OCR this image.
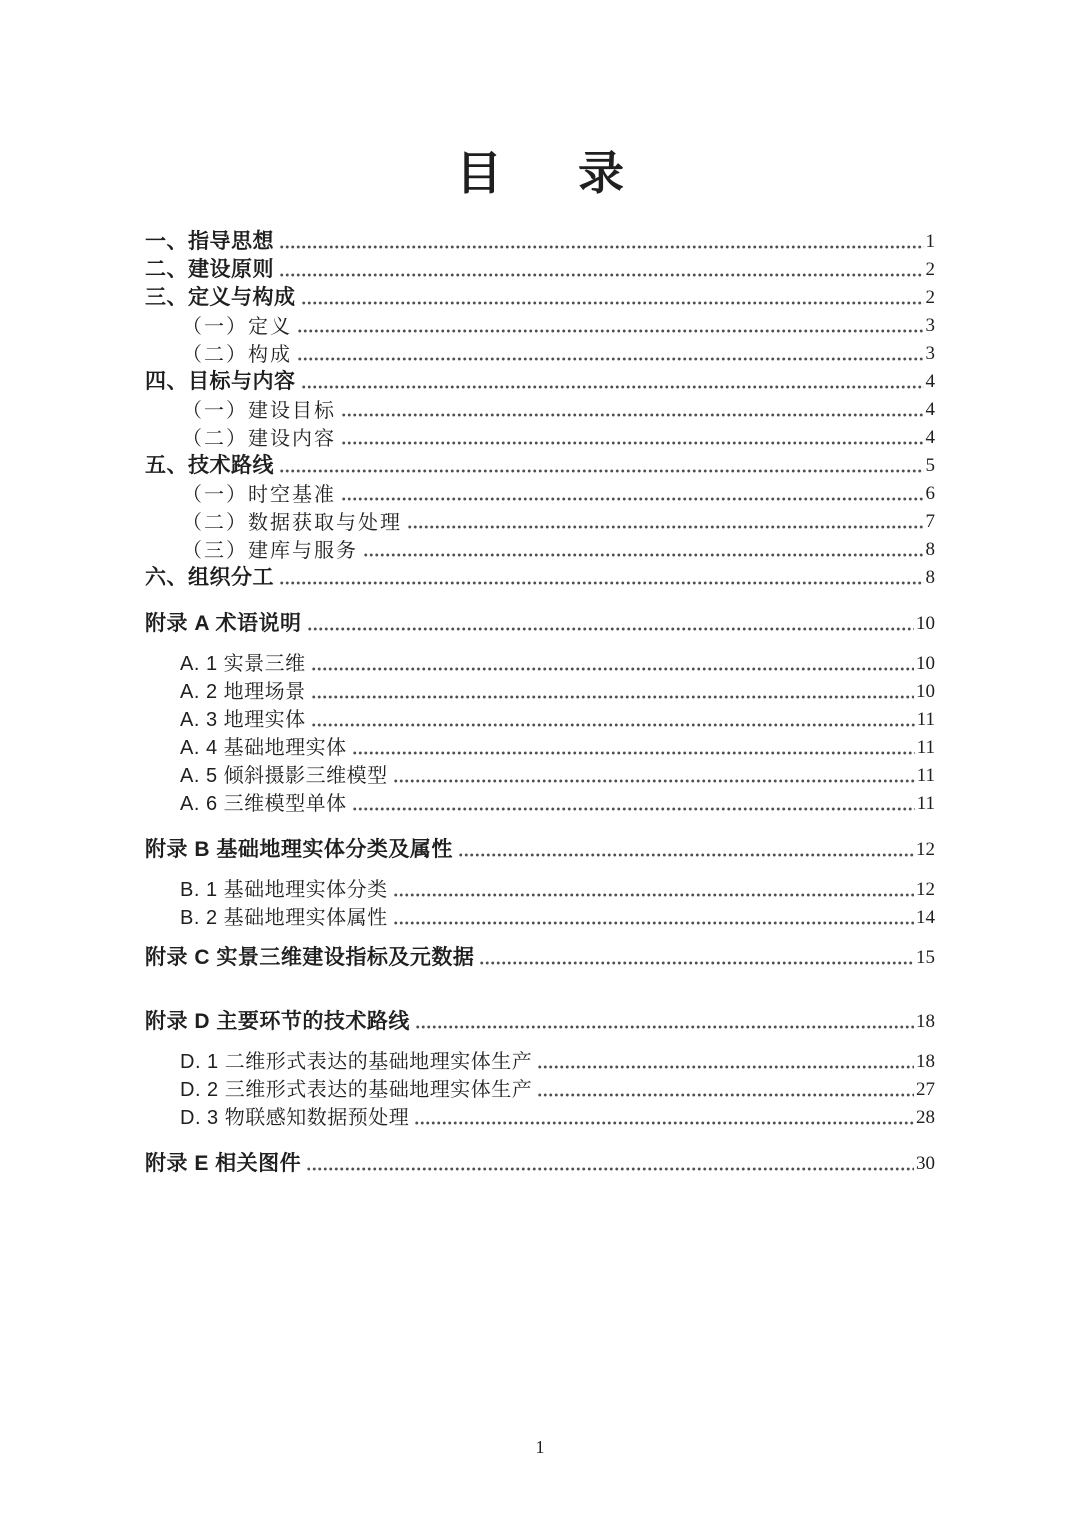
目 录
一、指导思想	1
二、建设原则	2
三、定义与构成	2
（一）定义	3
（二）构成	3
四、目标与内容	4
（一）建设目标	4
（二）建设内容	4
五、技术路线	5
（一）时空基准	6
（二）数据获取与处理	7
（三）建库与服务	8
六、组织分工	8
附录 A 术语说明	10
A. 1 实景三维	10
A. 2 地理场景	10
A. 3 地理实体	11
A. 4 基础地理实体	11
A. 5 倾斜摄影三维模型	11
A. 6 三维模型单体	11
附录 B 基础地理实体分类及属性	12
B. 1 基础地理实体分类	12
B. 2 基础地理实体属性	14
附录 C 实景三维建设指标及元数据	15
附录 D 主要环节的技术路线	18
D. 1 二维形式表达的基础地理实体生产	18
D. 2 三维形式表达的基础地理实体生产	27
D. 3 物联感知数据预处理	28
附录 E 相关图件	30
1
